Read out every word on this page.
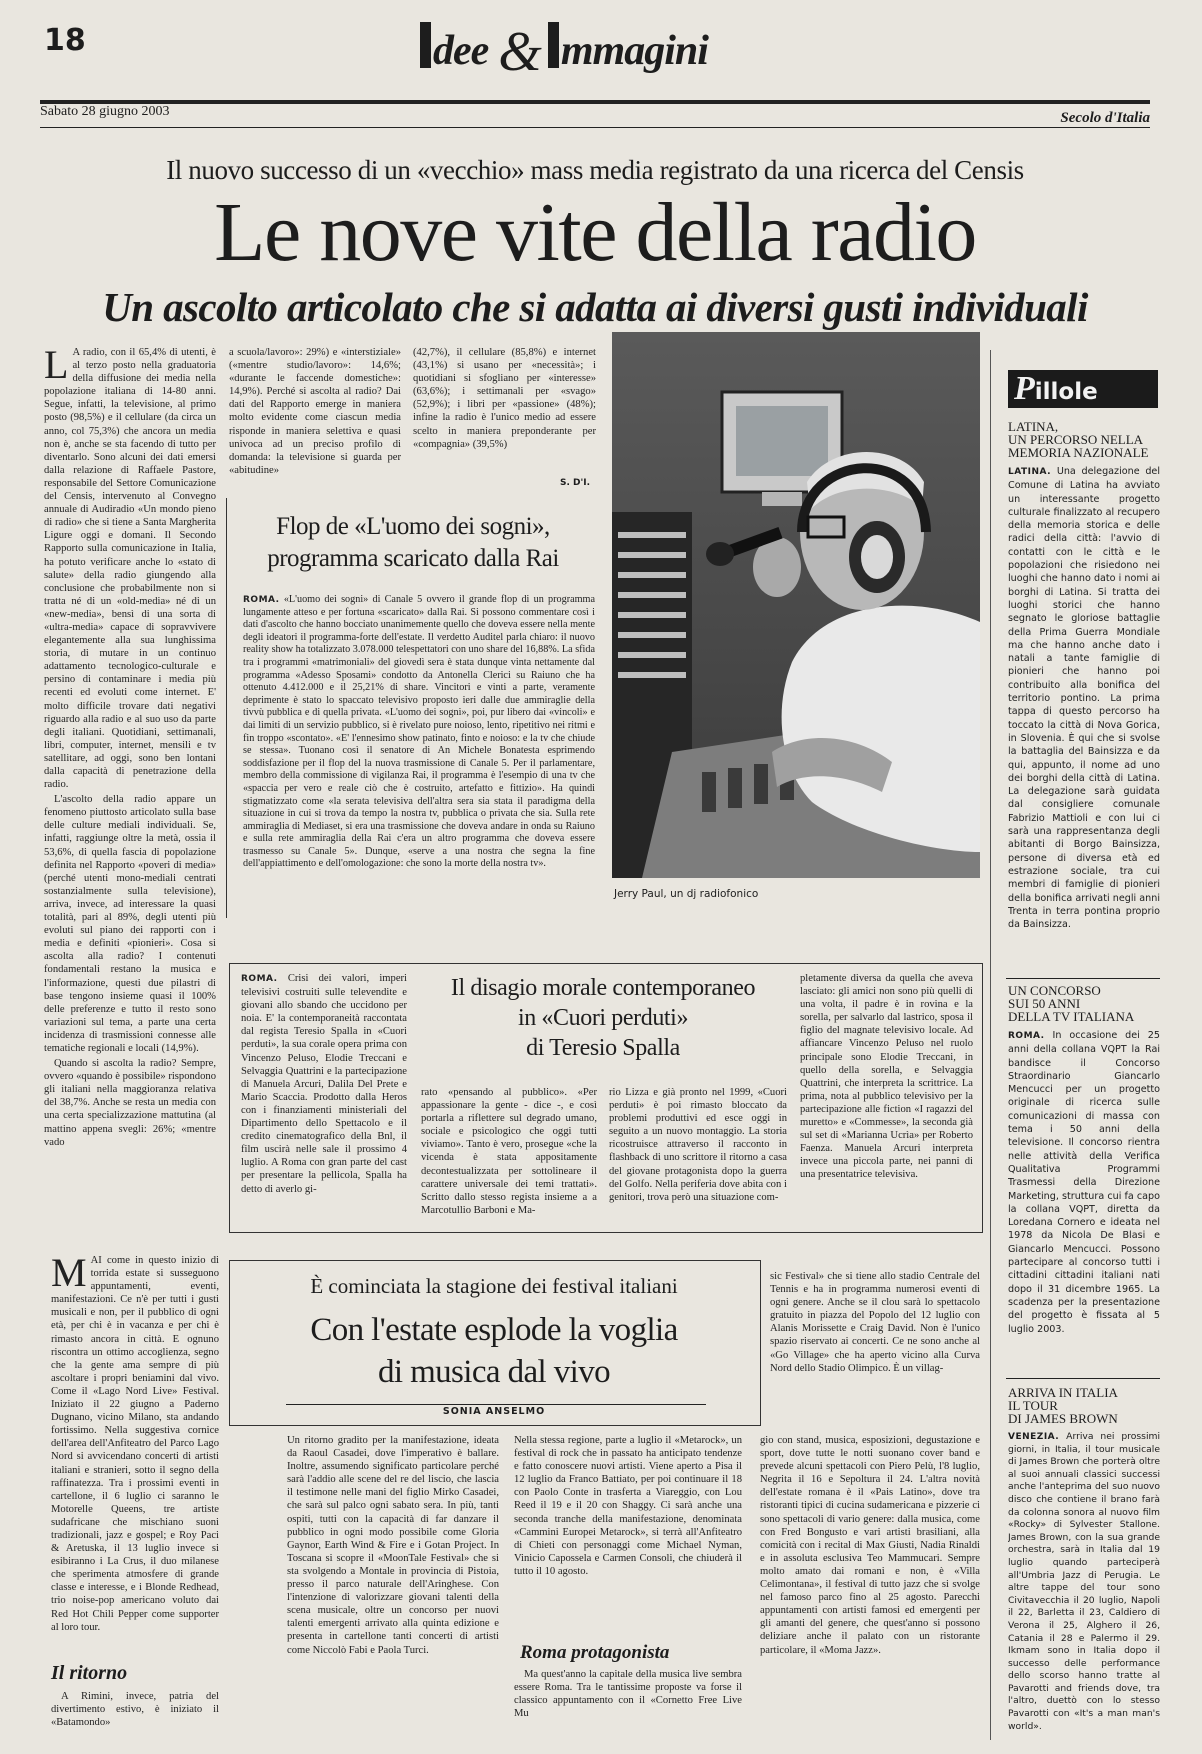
18	dee & mmagini
Sabato 28 giugno 2003	Secolo d'Italia
Il nuovo successo di un «vecchio» mass media registrato da una ricerca del Censis
Le nove vite della radio
Un ascolto articolato che si adatta ai diversi gusti individuali
L A radio, con il 65,4% di utenti, è al terzo posto nella graduatoria della diffusione dei media nella popolazione italiana di 14-80 anni. Segue, infatti, la televisione, al primo posto (98,5%) e il cellulare (da circa un anno, col 75,3%) che ancora un media non è, anche se sta facendo di tutto per diventarlo. Sono alcuni dei dati emersi dalla relazione di Raffaele Pastore, responsabile del Settore Comunicazione del Censis, intervenuto al Convegno annuale di Audiradio «Un mondo pieno di radio» che si tiene a Santa Margherita Ligure oggi e domani. Il Secondo Rapporto sulla comunicazione in Italia, ha potuto verificare anche lo «stato di salute» della radio giungendo alla conclusione che probabilmente non si tratta né di un «old-media» né di un «new-media», bensì di una sorta di «ultra-media» capace di sopravvivere elegantemente alla sua lunghissima storia, di mutare in un continuo adattamento tecnologico-culturale e persino di contaminare i media più recenti ed evoluti come internet. E' molto difficile trovare dati negativi riguardo alla radio e al suo uso da parte degli italiani. Quotidiani, settimanali, libri, computer, internet, mensili e tv satellitare, ad oggi, sono ben lontani dalla capacità di penetrazione della radio.

L'ascolto della radio appare un fenomeno piuttosto articolato sulla base delle culture mediali individuali. Se, infatti, raggiunge oltre la metà, ossia il 53,6%, di quella fascia di popolazione definita nel Rapporto «poveri di media» (perché utenti mono-mediali centrati sostanzialmente sulla televisione), arriva, invece, ad interessare la quasi totalità, pari al 89%, degli utenti più evoluti sul piano dei rapporti con i media e definiti «pionieri». Cosa si ascolta alla radio? I contenuti fondamentali restano la musica e l'informazione, questi due pilastri di base tengono insieme quasi il 100% delle preferenze e tutto il resto sono variazioni sul tema, a parte una certa incidenza di trasmissioni connesse alle tematiche regionali e locali (14,9%).

Quando si ascolta la radio? Sempre, ovvero «quando è possibile» rispondono gli italiani nella maggioranza relativa del 38,7%. Anche se resta un media con una certa specializzazione mattutina (al mattino appena svegli: 26%; «mentre vado

a scuola/lavoro»: 29%) e «interstiziale» («mentre studio/lavoro»: 14,6%; «durante le faccende domestiche»: 14,9%). Perché si ascolta al radio? Dai dati del Rapporto emerge in maniera molto evidente come ciascun media risponde in maniera selettiva e quasi univoca ad un preciso profilo di domanda: la televisione si guarda per «abitudine»

(42,7%), il cellulare (85,8%) e internet (43,1%) si usano per «necessità»; i quotidiani si sfogliano per «interesse» (63,6%); i settimanali per «svago» (52,9%); i libri per «passione» (48%); infine la radio è l'unico medio ad essere scelto in maniera preponderante per «compagnia» (39,5%)

S. D'I.
Flop de «L'uomo dei sogni»,
programma scaricato dalla Rai

ROMA. «L'uomo dei sogni» di Canale 5 ovvero il grande flop di un programma lungamente atteso e per fortuna «scaricato» dalla Rai. Si possono commentare così i dati d'ascolto che hanno bocciato unanimemente quello che doveva essere nella mente degli ideatori il programma-forte dell'estate. Il verdetto Auditel parla chiaro: il nuovo reality show ha totalizzato 3.078.000 telespettatori con uno share del 16,88%. La sfida tra i programmi «matrimoniali» del giovedì sera è stata dunque vinta nettamente dal programma «Adesso Sposami» condotto da Antonella Clerici su Raiuno che ha ottenuto 4.412.000 e il 25,21% di share. Vincitori e vinti a parte, veramente deprimente è stato lo spaccato televisivo proposto ieri dalle due ammiraglie della tivvù pubblica e di quella privata. «L'uomo dei sogni», poi, pur libero dai «vincoli» e dai limiti di un servizio pubblico, si è rivelato pure noioso, lento, ripetitivo nei ritmi e fin troppo «scontato». «E' l'ennesimo show patinato, finto e noioso: e la tv che chiude se stessa». Tuonano così il senatore di An Michele Bonatesta esprimendo soddisfazione per il flop del la nuova trasmissione di Canale 5. Per il parlamentare, membro della commissione di vigilanza Rai, il programma è l'esempio di una tv che «spaccia per vero e reale ciò che è costruito, artefatto e fittizio». Ha quindi stigmatizzato come «la serata televisiva dell'altra sera sia stata il paradigma della situazione in cui si trova da tempo la nostra tv, pubblica o privata che sia. Sulla rete ammiraglia di Mediaset, si era una trasmissione che doveva andare in onda su Raiuno e sulla rete ammiraglia della Rai c'era un altro programma che doveva essere trasmesso su Canale 5». Dunque, «serve a una nostra che segna la fine dell'appiattimento e dell'omologazione: che sono la morte della nostra tv».

Jerry Paul, un dj radiofonico

ROMA. Crisi dei valori, imperi televisivi costruiti sulle televendite e giovani allo sbando che uccidono per noia. E' la contemporaneità raccontata dal regista Teresio Spalla in «Cuori perduti», la sua corale opera prima con Vincenzo Peluso, Elodie Treccani e Selvaggia Quattrini e la partecipazione di Manuela Arcuri, Dalila Del Prete e Mario Scaccia. Prodotto dalla Heros con i finanziamenti ministeriali del Dipartimento dello Spettacolo e il credito cinematografico della Bnl, il film uscirà nelle sale il prossimo 4 luglio. A Roma con gran parte del cast per presentare la pellicola, Spalla ha detto di averlo gi-

Il disagio morale contemporaneo
in «Cuori perduti»
di Teresio Spalla

rato «pensando al pubblico». «Per appassionare la gente - dice -, e così portarla a riflettere sul degrado umano, sociale e psicologico che oggi tutti viviamo». Tanto è vero, prosegue «che la vicenda è stata appositamente decontestualizzata per sottolineare il carattere universale dei temi trattati». Scritto dallo stesso regista insieme a a Marcotullio Barboni e Ma-

rio Lizza e già pronto nel 1999, «Cuori perduti» è poi rimasto bloccato da problemi produttivi ed esce oggi in seguito a un nuovo montaggio. La storia ricostruisce attraverso il racconto in flashback di uno scrittore il ritorno a casa del giovane protagonista dopo la guerra del Golfo. Nella periferia dove abita con i genitori, trova però una situazione com-

pletamente diversa da quella che aveva lasciato: gli amici non sono più quelli di una volta, il padre è in rovina e la sorella, per salvarlo dal lastrico, sposa il figlio del magnate televisivo locale. Ad affiancare Vincenzo Peluso nel ruolo principale sono Elodie Treccani, in quello della sorella, e Selvaggia Quattrini, che interpreta la scrittrice. La prima, nota al pubblico televisivo per la partecipazione alle fiction «I ragazzi del muretto» e «Commesse», la seconda già sul set di «Marianna Ucrìa» per Roberto Faenza. Manuela Arcuri interpreta invece una piccola parte, nei panni di una presentatrice televisiva.

M AI come in questo inizio di torrida estate si susseguono appuntamenti, eventi, manifestazioni. Ce n'è per tutti i gusti musicali e non, per il pubblico di ogni età, per chi è in vacanza e per chi è rimasto ancora in città. E ognuno riscontra un ottimo accoglienza, segno che la gente ama sempre di più ascoltare i propri beniamini dal vivo. Come il «Lago Nord Live» Festival. Iniziato il 22 giugno a Paderno Dugnano, vicino Milano, sta andando fortissimo. Nella suggestiva cornice dell'area dell'Anfiteatro del Parco Lago Nord si avvicendano concerti di artisti italiani e stranieri, sotto il segno della raffinatezza. Tra i prossimi eventi in cartellone, il 6 luglio ci saranno le Motorelle Queens, tre artiste sudafricane che mischiano suoni tradizionali, jazz e gospel; e Roy Paci & Aretuska, il 13 luglio invece si esibiranno i La Crus, il duo milanese che sperimenta atmosfere di grande classe e interesse, e i Blonde Redhead, trio noise-pop americano voluto dai Red Hot Chili Pepper come supporter al loro tour.

Il ritorno

A Rimini, invece, patria del divertimento estivo, è iniziato il «Batamondo»

È cominciata la stagione dei festival italiani
Con l'estate esplode la voglia
di musica dal vivo
SONIA ANSELMO

Un ritorno gradito per la manifestazione, ideata da Raoul Casadei, dove l'imperativo è ballare. Inoltre, assumendo significato particolare perché sarà l'addio alle scene del re del liscio, che lascia il testimone nelle mani del figlio Mirko Casadei, che sarà sul palco ogni sabato sera. In più, tanti ospiti, tutti con la capacità di far danzare il pubblico in ogni modo possibile come Gloria Gaynor, Earth Wind & Fire e i Gotan Project. In Toscana si scopre il «MoonTale Festival» che si sta svolgendo a Montale in provincia di Pistoia, presso il parco naturale dell'Aringhese. Con l'intenzione di valorizzare giovani talenti della scena musicale, oltre un concorso per nuovi talenti emergenti arrivato alla quinta edizione e presenta in cartellone tanti concerti di artisti come Niccolò Fabi e Paola Turci.

Nella stessa regione, parte a luglio il «Metarock», un festival di rock che in passato ha anticipato tendenze e fatto conoscere nuovi artisti. Viene aperto a Pisa il 12 luglio da Franco Battiato, per poi continuare il 18 con Paolo Conte in trasferta a Viareggio, con Lou Reed il 19 e il 20 con Shaggy. Ci sarà anche una seconda tranche della manifestazione, denominata «Cammini Europei Metarock», si terrà all'Anfiteatro di Chieti con personaggi come Michael Nyman, Vinicio Capossela e Carmen Consoli, che chiuderà il tutto il 10 agosto.

Roma protagonista

Ma quest'anno la capitale della musica live sembra essere Roma. Tra le tantissime proposte va forse il classico appuntamento con il «Cornetto Free Live Mu

sic Festival» che si tiene allo stadio Centrale del Tennis e ha in programma numerosi eventi di ogni genere. Anche se il clou sarà lo spettacolo gratuito in piazza del Popolo del 12 luglio con Alanis Morissette e Craig David. Non è l'unico spazio riservato ai concerti. Ce ne sono anche al «Go Village» che ha aperto vicino alla Curva Nord dello Stadio Olimpico. È un villag-

gio con stand, musica, esposizioni, degustazione e sport, dove tutte le notti suonano cover band e prevede alcuni spettacoli con Piero Pelù, l'8 luglio, Negrita il 16 e Sepoltura il 24. L'altra novità dell'estate romana è il «Pais Latino», dove tra ristoranti tipici di cucina sudamericana e pizzerie ci sono spettacoli di vario genere: dalla musica, come con Fred Bongusto e vari artisti brasiliani, alla comicità con i recital di Max Giusti, Nadia Rinaldi e in assoluta esclusiva Teo Mammucari. Sempre molto amato dai romani e non, è «Villa Celimontana», il festival di tutto jazz che si svolge nel famoso parco fino al 25 agosto. Parecchi appuntamenti con artisti famosi ed emergenti per gli amanti del genere, che quest'anno si possono deliziare anche il palato con un ristorante particolare, il «Moma Jazz».

Pillole
LATINA,
UN PERCORSO NELLA
MEMORIA NAZIONALE
LATINA. Una delegazione del Comune di Latina ha avviato un interessante progetto culturale finalizzato al recupero della memoria storica e delle radici della città: l'avvio di contatti con le città e le popolazioni che risiedono nei luoghi che hanno dato i nomi ai borghi di Latina. Si tratta dei luoghi storici che hanno segnato le gloriose battaglie della Prima Guerra Mondiale ma che hanno anche dato i natali a tante famiglie di pionieri che hanno poi contribuito alla bonifica del territorio pontino. La prima tappa di questo percorso ha toccato la città di Nova Gorica, in Slovenia. È qui che si svolse la battaglia del Bainsizza e da qui, appunto, il nome ad uno dei borghi della città di Latina. La delegazione sarà guidata dal consigliere comunale Fabrizio Mattioli e con lui ci sarà una rappresentanza degli abitanti di Borgo Bainsizza, persone di diversa età ed estrazione sociale, tra cui membri di famiglie di pionieri della bonifica arrivati negli anni Trenta in terra pontina proprio da Bainsizza.
UN CONCORSO
SUI 50 ANNI
DELLA TV ITALIANA
ROMA. In occasione dei 25 anni della collana VQPT la Rai bandisce il Concorso Straordinario Giancarlo Mencucci per un progetto originale di ricerca sulle comunicazioni di massa con tema i 50 anni della televisione. Il concorso rientra nelle attività della Verifica Qualitativa Programmi Trasmessi della Direzione Marketing, struttura cui fa capo la collana VQPT, diretta da Loredana Cornero e ideata nel 1978 da Nicola De Blasi e Giancarlo Mencucci. Possono partecipare al concorso tutti i cittadini cittadini italiani nati dopo il 31 dicembre 1965. La scadenza per la presentazione del progetto è fissata al 5 luglio 2003.
ARRIVA IN ITALIA
IL TOUR
DI JAMES BROWN
VENEZIA. Arriva nei prossimi giorni, in Italia, il tour musicale di James Brown che porterà oltre al suoi annuali classici successi anche l'anteprima del suo nuovo disco che contiene il brano farà da colonna sonora al nuovo film «Rocky» di Sylvester Stallone. James Brown, con la sua grande orchestra, sarà in Italia dal 19 luglio quando parteciperà all'Umbria Jazz di Perugia. Le altre tappe del tour sono Civitavecchia il 20 luglio, Napoli il 22, Barletta il 23, Caldiero di Verona il 25, Alghero il 26, Catania il 28 e Palermo il 29. Ikmam sono in Italia dopo il successo delle performance dello scorso hanno tratte al Pavarotti and friends dove, tra l'altro, duettò con lo stesso Pavarotti con «It's a man man's world».
